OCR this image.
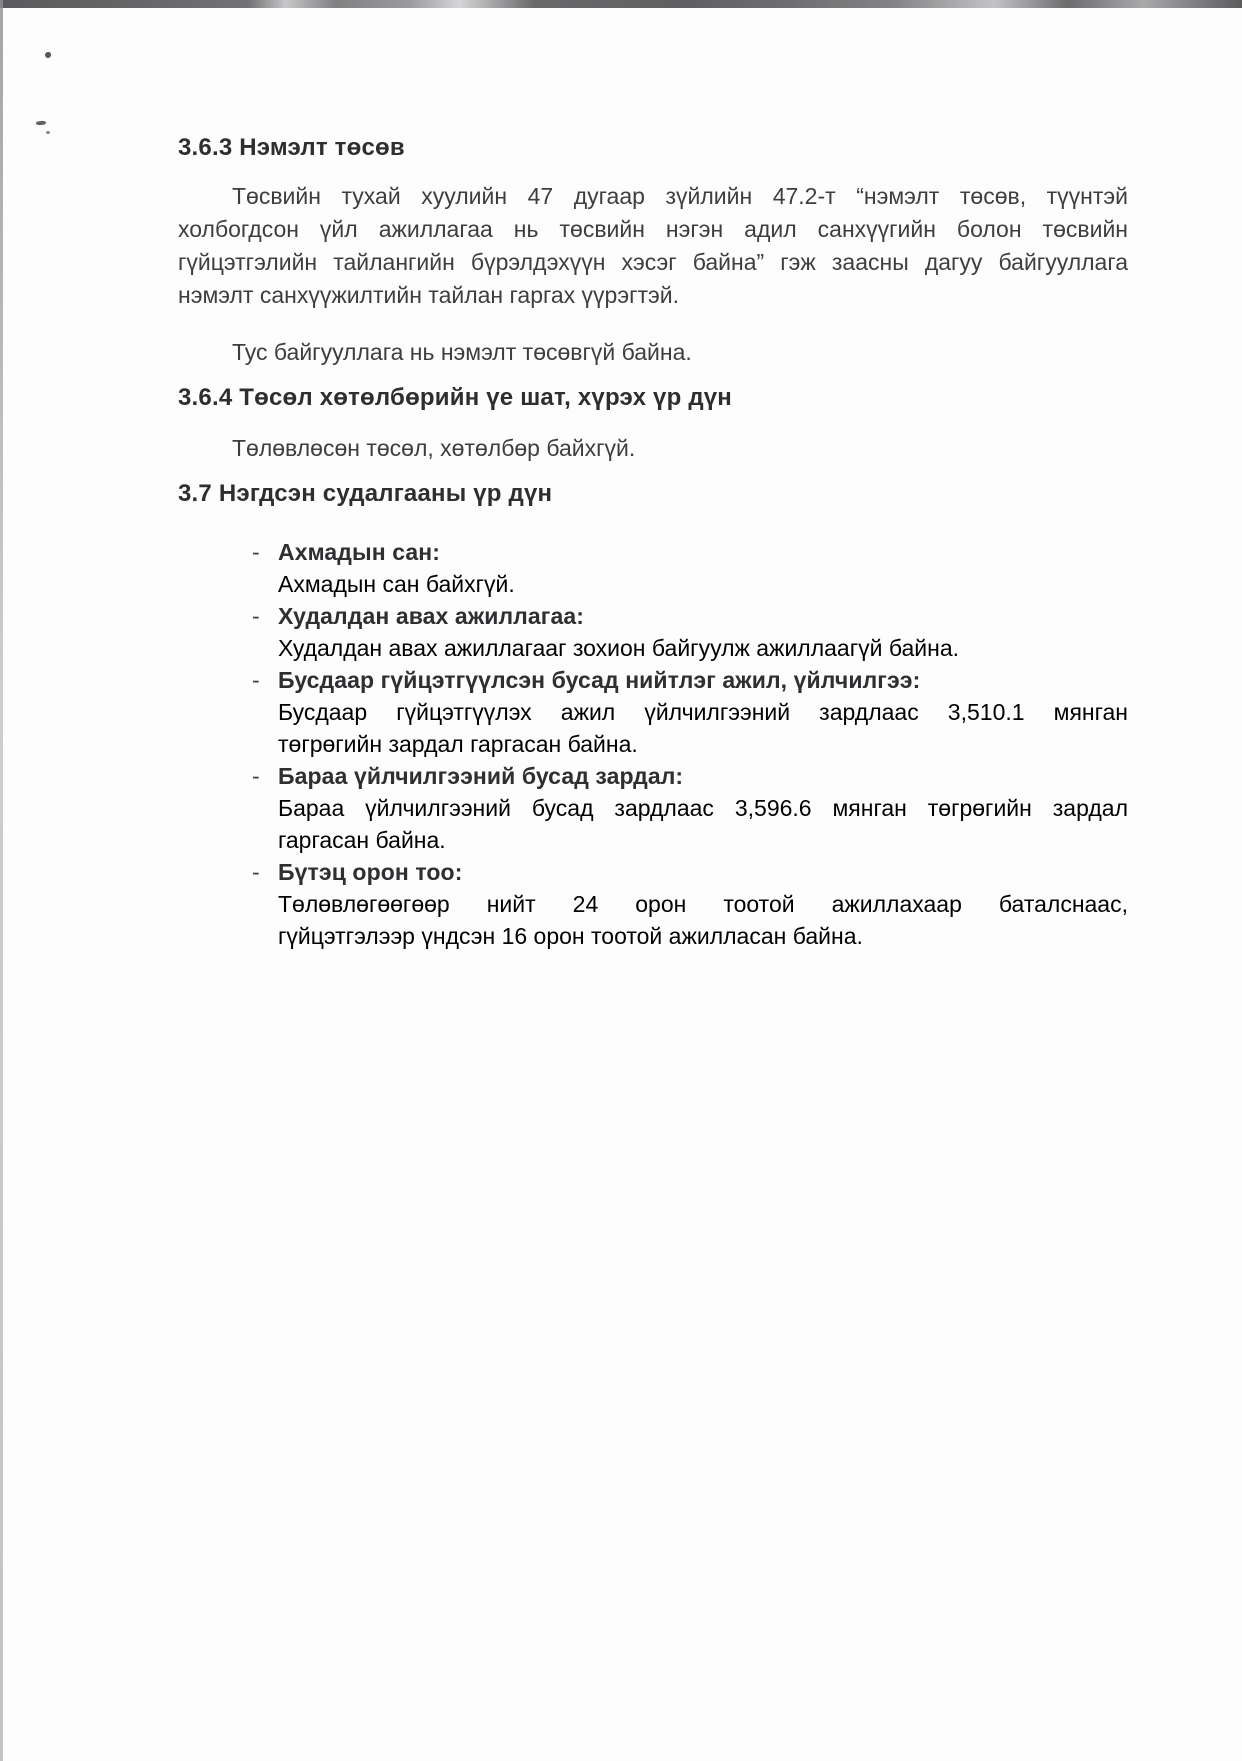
3.6.3 Нэмэлт төсөв
Төсвийн тухай хуулийн 47 дугаар зүйлийн 47.2-т “нэмэлт төсөв, түүнтэй
холбогдсон үйл ажиллагаа нь төсвийн нэгэн адил санхүүгийн болон төсвийн
гүйцэтгэлийн тайлангийн бүрэлдэхүүн хэсэг байна” гэж заасны дагуу байгууллага
нэмэлт санхүүжилтийн тайлан гаргах үүрэгтэй.
Тус байгууллага нь нэмэлт төсөвгүй байна.
3.6.4 Төсөл хөтөлбөрийн үе шат, хүрэх үр дүн
Төлөвлөсөн төсөл, хөтөлбөр байхгүй.
3.7 Нэгдсэн судалгааны үр дүн
- Ахмадын сан:
Ахмадын сан байхгүй.
- Худалдан авах ажиллагаа:
Худалдан авах ажиллагааг зохион байгуулж ажиллаагүй байна.
- Бусдаар гүйцэтгүүлсэн бусад нийтлэг ажил, үйлчилгээ:
Бусдаар гүйцэтгүүлэх ажил үйлчилгээний зардлаас 3,510.1 мянган
төгрөгийн зардал гаргасан байна.
- Бараа үйлчилгээний бусад зардал:
Бараа үйлчилгээний бусад зардлаас 3,596.6 мянган төгрөгийн зардал
гаргасан байна.
- Бүтэц орон тоо:
Төлөвлөгөөгөөр нийт 24 орон тоотой ажиллахаар баталснаас,
гүйцэтгэлээр үндсэн 16 орон тоотой ажилласан байна.
